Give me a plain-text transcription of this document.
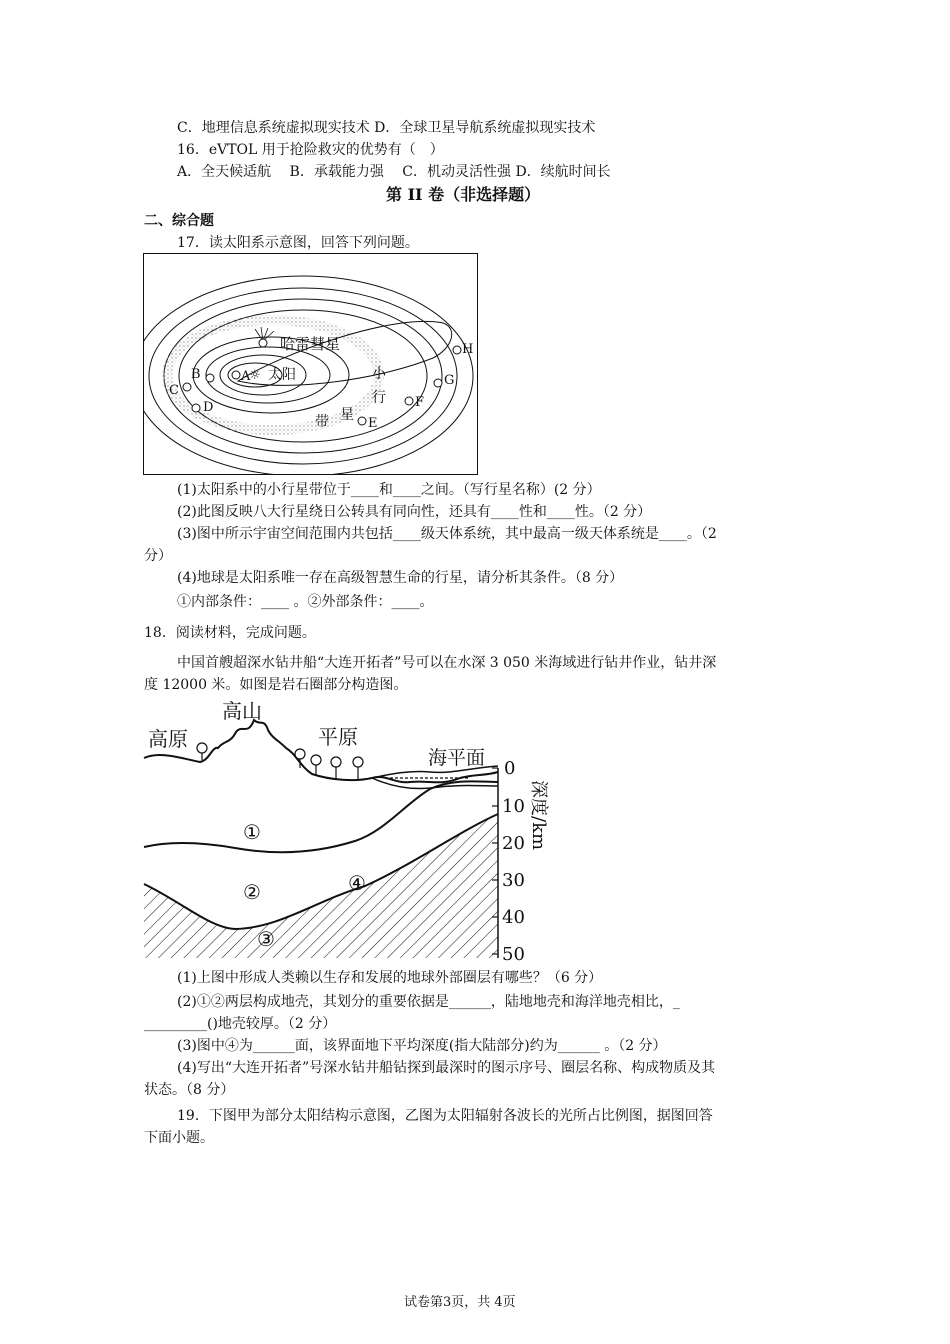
C．地理信息系统虚拟现实技术 D．全球卫星导航系统虚拟现实技术
16．eVTOL 用于抢险救灾的优势有（　）
A．全天候适航　 B．承载能力强　 C．机动灵活性强 D．续航时间长
第 II 卷（非选择题）
二、综合题
17．读太阳系示意图，回答下列问题。
☼
哈雷彗星
太阳	小
行
带 星
A
B
C
D
E
F
G
H
(1)太阳系中的小行星带位于____和____之间。（写行星名称）(2 分）
(2)此图反映八大行星绕日公转具有同向性，还具有____性和____性。（2 分）
(3)图中所示宇宙空间范围内共包括____级天体系统，其中最高一级天体系统是____。（2
分）
(4)地球是太阳系唯一存在高级智慧生命的行星，请分析其条件。（8 分）
①内部条件：____ 。②外部条件：____。
18．阅读材料，完成问题。
中国首艘超深水钻井船“大连开拓者”号可以在水深 3 050 米海域进行钻井作业，钻井深
度 12000 米。如图是岩石圈部分构造图。
0
10
20
30
40
50
深度/km
高原
高山
平原
海平面
①
②
③
④
(1)上图中形成人类赖以生存和发展的地球外部圈层有哪些？（6 分）
(2)①②两层构成地壳，其划分的重要依据是______，陆地地壳和海洋地壳相比，_
_________()地壳较厚。（2 分）
(3)图中④为______面，该界面地下平均深度(指大陆部分)约为______ 。（2 分）
(4)写出“大连开拓者”号深水钻井船钻探到最深时的图示序号、圈层名称、构成物质及其
状态。（8 分）
19．下图甲为部分太阳结构示意图，乙图为太阳辐射各波长的光所占比例图，据图回答
下面小题。
试卷第3页，共 4页
